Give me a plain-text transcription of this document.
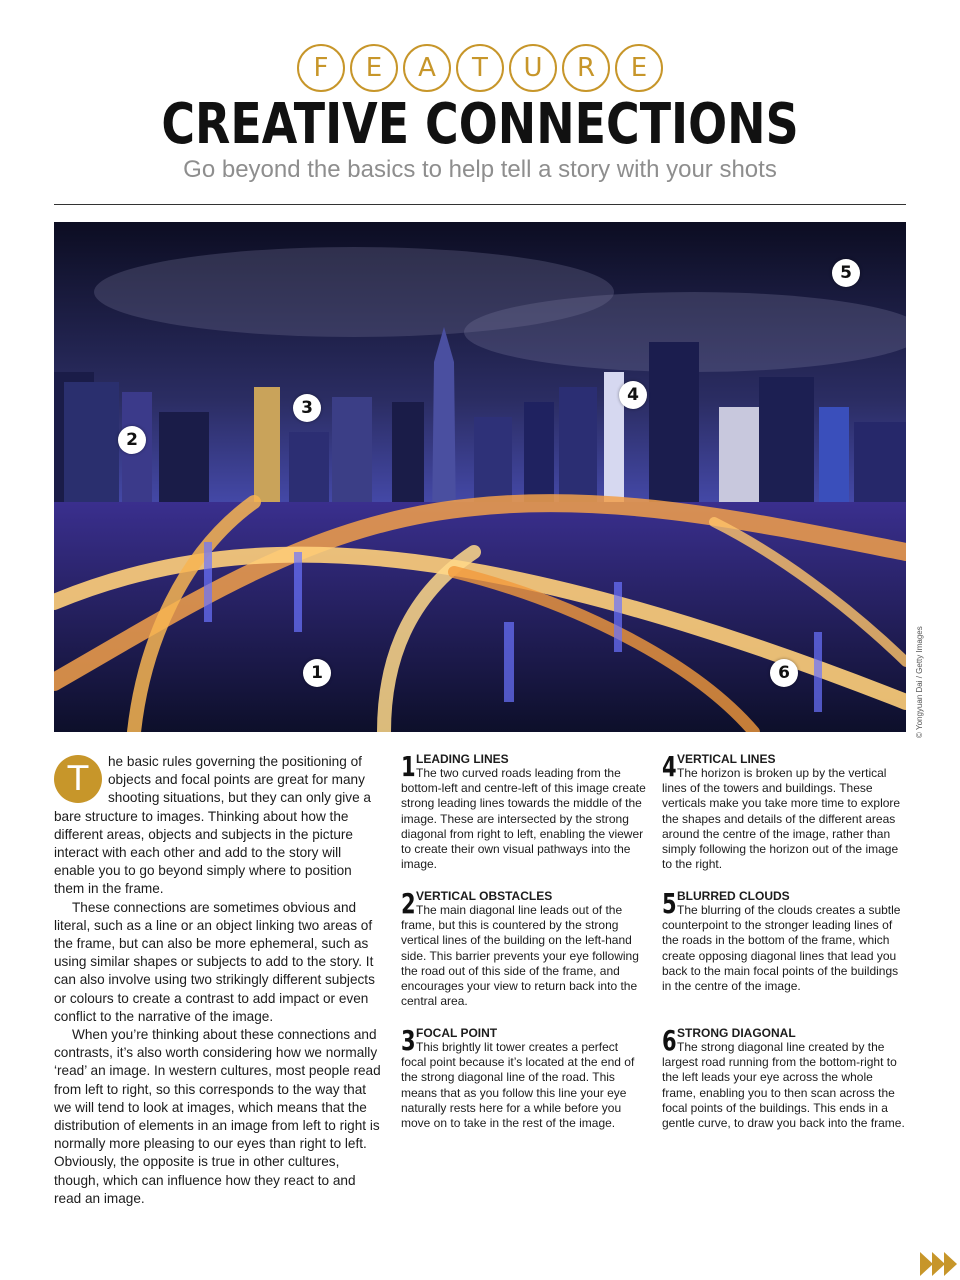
F	E	A	T	U	R	E
CREATIVE CONNECTIONS
Go beyond the basics to help tell a story with your shots
1
2
3
4
5
6	© Yongyuan Dai / Getty Images
T	he basic rules governing the positioning of objects and focal points are great for many shooting situations, but they can only give a bare structure to images. Thinking about how the different areas, objects and subjects in the picture interact with each other and add to the story will enable you to go beyond simply where to position them in the frame.

These connections are sometimes obvious and literal, such as a line or an object linking two areas of the frame, but can also be more ephemeral, such as using similar shapes or subjects to add to the story. It can also involve using two strikingly different subjects or colours to create a contrast to add impact or even conflict to the narrative of the image.

When you’re thinking about these connections and contrasts, it’s also worth considering how we normally ‘read’ an image. In western cultures, most people read from left to right, so this corresponds to the way that we will tend to look at images, which means that the distribution of elements in an image from left to right is normally more pleasing to our eyes than right to left. Obviously, the opposite is true in other cultures, though, which can influence how they react to and read an image.

1 LEADING LINES

The two curved roads leading from the bottom-left and centre-left of this image create strong leading lines towards the middle of the image. These are intersected by the strong diagonal from right to left, enabling the viewer to create their own visual pathways into the image.

2 VERTICAL OBSTACLES

The main diagonal line leads out of the frame, but this is countered by the strong vertical lines of the building on the left-hand side. This barrier prevents your eye following the road out of this side of the frame, and encourages your view to return back into the central area.

3 FOCAL POINT

This brightly lit tower creates a perfect focal point because it’s located at the end of the strong diagonal line of the road. This means that as you follow this line your eye naturally rests here for a while before you move on to take in the rest of the image.

4 VERTICAL LINES

The horizon is broken up by the vertical lines of the towers and buildings. These verticals make you take more time to explore the shapes and details of the different areas around the centre of the image, rather than simply following the horizon out of the image to the right.

5 BLURRED CLOUDS

The blurring of the clouds creates a subtle counterpoint to the stronger leading lines of the roads in the bottom of the frame, which create opposing diagonal lines that lead you back to the main focal points of the buildings in the centre of the image.

6 STRONG DIAGONAL

The strong diagonal line created by the largest road running from the bottom-right to the left leads your eye across the whole frame, enabling you to then scan across the focal points of the buildings. This ends in a gentle curve, to draw you back into the frame.
